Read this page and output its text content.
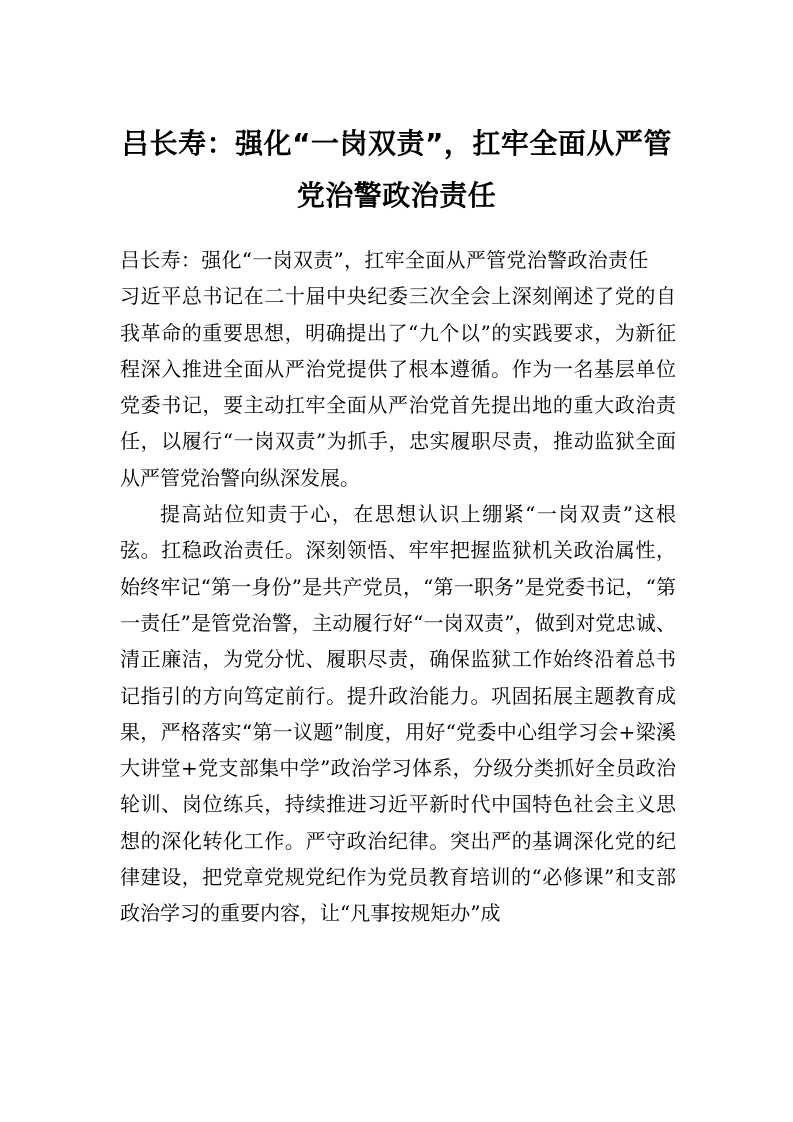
吕长寿：强化“一岗双责”，扛牢全面从严管党治警政治责任

吕长寿：强化“一岗双责”，扛牢全面从严管党治警政治责任

习近平总书记在二十届中央纪委三次全会上深刻阐述了党的自我革命的重要思想，明确提出了“九个以”的实践要求，为新征程深入推进全面从严治党提供了根本遵循。作为一名基层单位党委书记，要主动扛牢全面从严治党首先提出地的重大政治责任，以履行“一岗双责”为抓手，忠实履职尽责，推动监狱全面从严管党治警向纵深发展。

提高站位知责于心，在思想认识上绷紧“一岗双责”这根弦。扛稳政治责任。深刻领悟、牢牢把握监狱机关政治属性，始终牢记“第一身份”是共产党员，“第一职务”是党委书记，“第一责任”是管党治警，主动履行好“一岗双责”，做到对党忠诚、清正廉洁，为党分忧、履职尽责，确保监狱工作始终沿着总书记指引的方向笃定前行。提升政治能力。巩固拓展主题教育成果，严格落实“第一议题”制度，用好“党委中心组学习会+梁溪大讲堂+党支部集中学”政治学习体系，分级分类抓好全员政治轮训、岗位练兵，持续推进习近平新时代中国特色社会主义思想的深化转化工作。严守政治纪律。突出严的基调深化党的纪律建设，把党章党规党纪作为党员教育培训的“必修课”和支部政治学习的重要内容，让“凡事按规矩办”成
